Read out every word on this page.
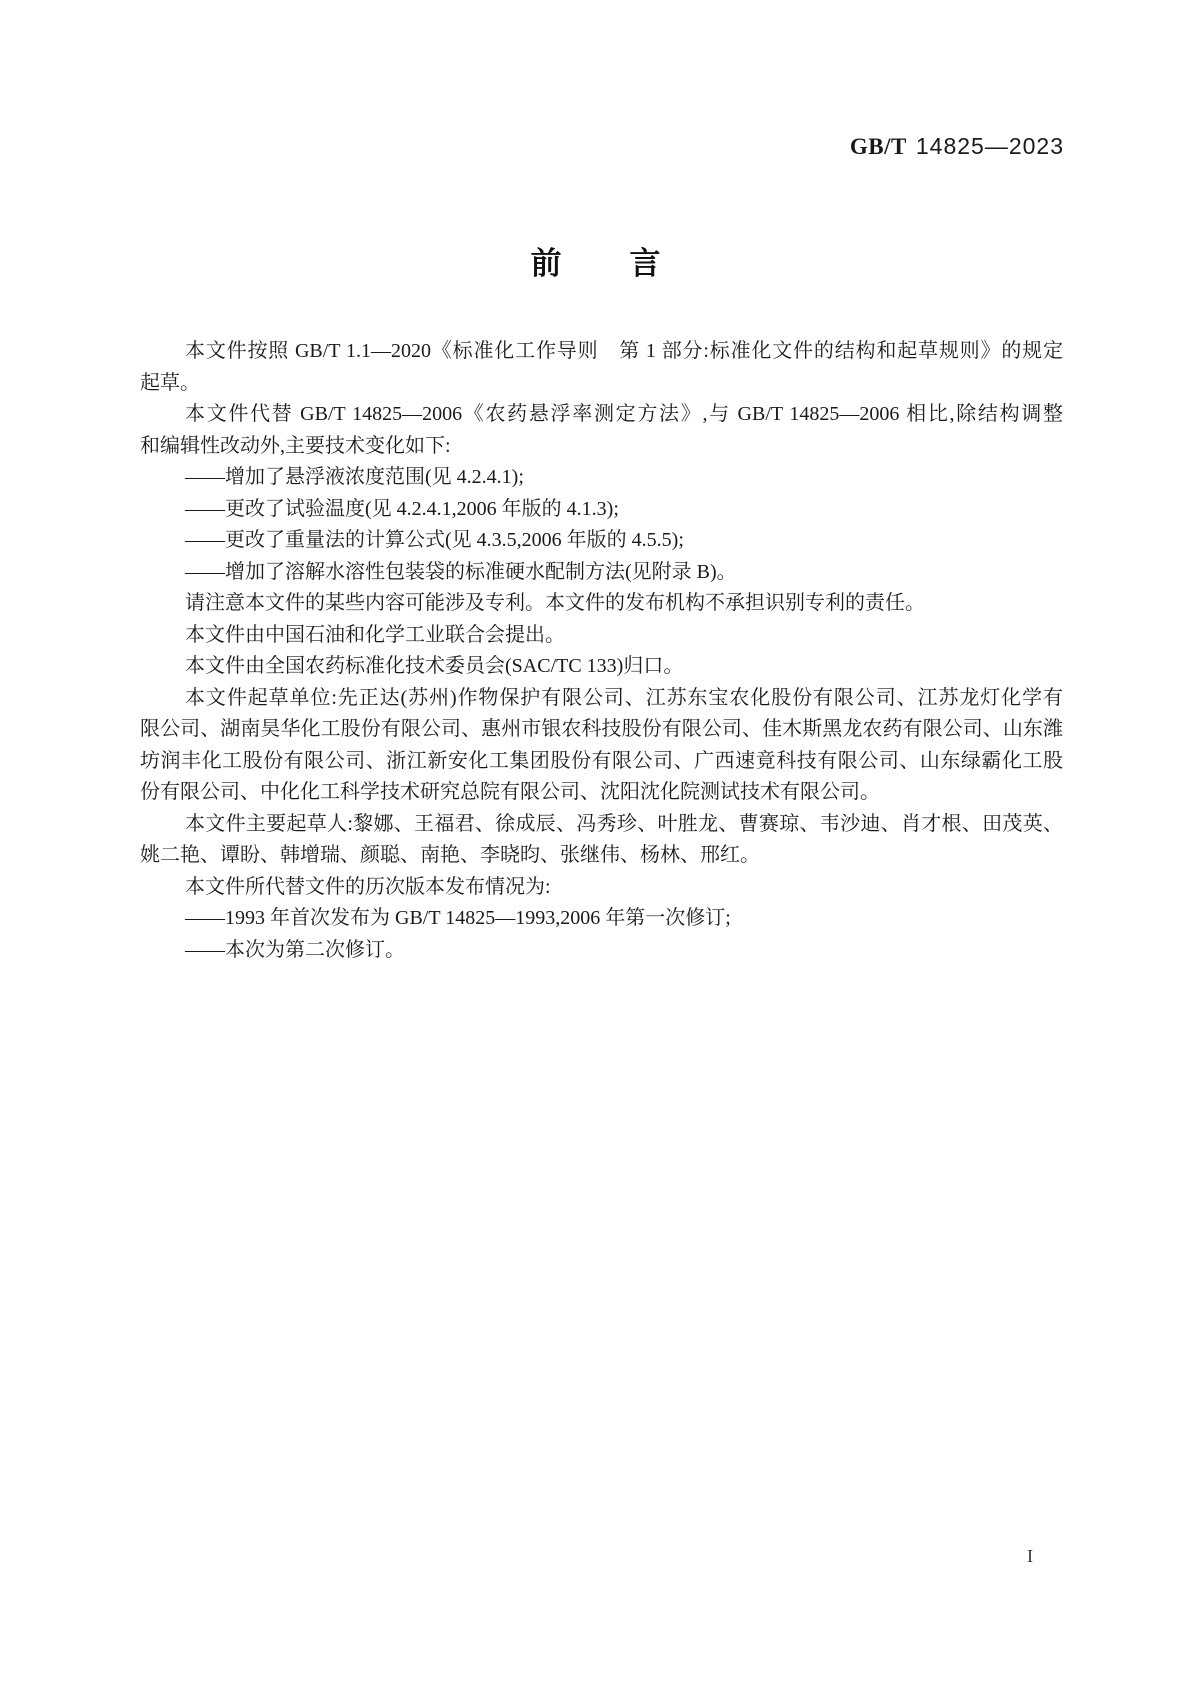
GB/T 14825—2023
前 言
本文件按照 GB/T 1.1—2020《标准化工作导则　第 1 部分:标准化文件的结构和起草规则》的规定
起草。
本文件代替 GB/T 14825—2006《农药悬浮率测定方法》,与 GB/T 14825—2006 相比,除结构调整
和编辑性改动外,主要技术变化如下:
——增加了悬浮液浓度范围(见 4.2.4.1);
——更改了试验温度(见 4.2.4.1,2006 年版的 4.1.3);
——更改了重量法的计算公式(见 4.3.5,2006 年版的 4.5.5);
——增加了溶解水溶性包装袋的标准硬水配制方法(见附录 B)。
请注意本文件的某些内容可能涉及专利。本文件的发布机构不承担识别专利的责任。
本文件由中国石油和化学工业联合会提出。
本文件由全国农药标准化技术委员会(SAC/TC 133)归口。
本文件起草单位:先正达(苏州)作物保护有限公司、江苏东宝农化股份有限公司、江苏龙灯化学有
限公司、湖南昊华化工股份有限公司、惠州市银农科技股份有限公司、佳木斯黑龙农药有限公司、山东潍
坊润丰化工股份有限公司、浙江新安化工集团股份有限公司、广西速竟科技有限公司、山东绿霸化工股
份有限公司、中化化工科学技术研究总院有限公司、沈阳沈化院测试技术有限公司。
本文件主要起草人:黎娜、王福君、徐成辰、冯秀珍、叶胜龙、曹赛琼、韦沙迪、肖才根、田茂英、
姚二艳、谭盼、韩增瑞、颜聪、南艳、李晓昀、张继伟、杨林、邢红。
本文件所代替文件的历次版本发布情况为:
——1993 年首次发布为 GB/T 14825—1993,2006 年第一次修订;
——本次为第二次修订。
I
